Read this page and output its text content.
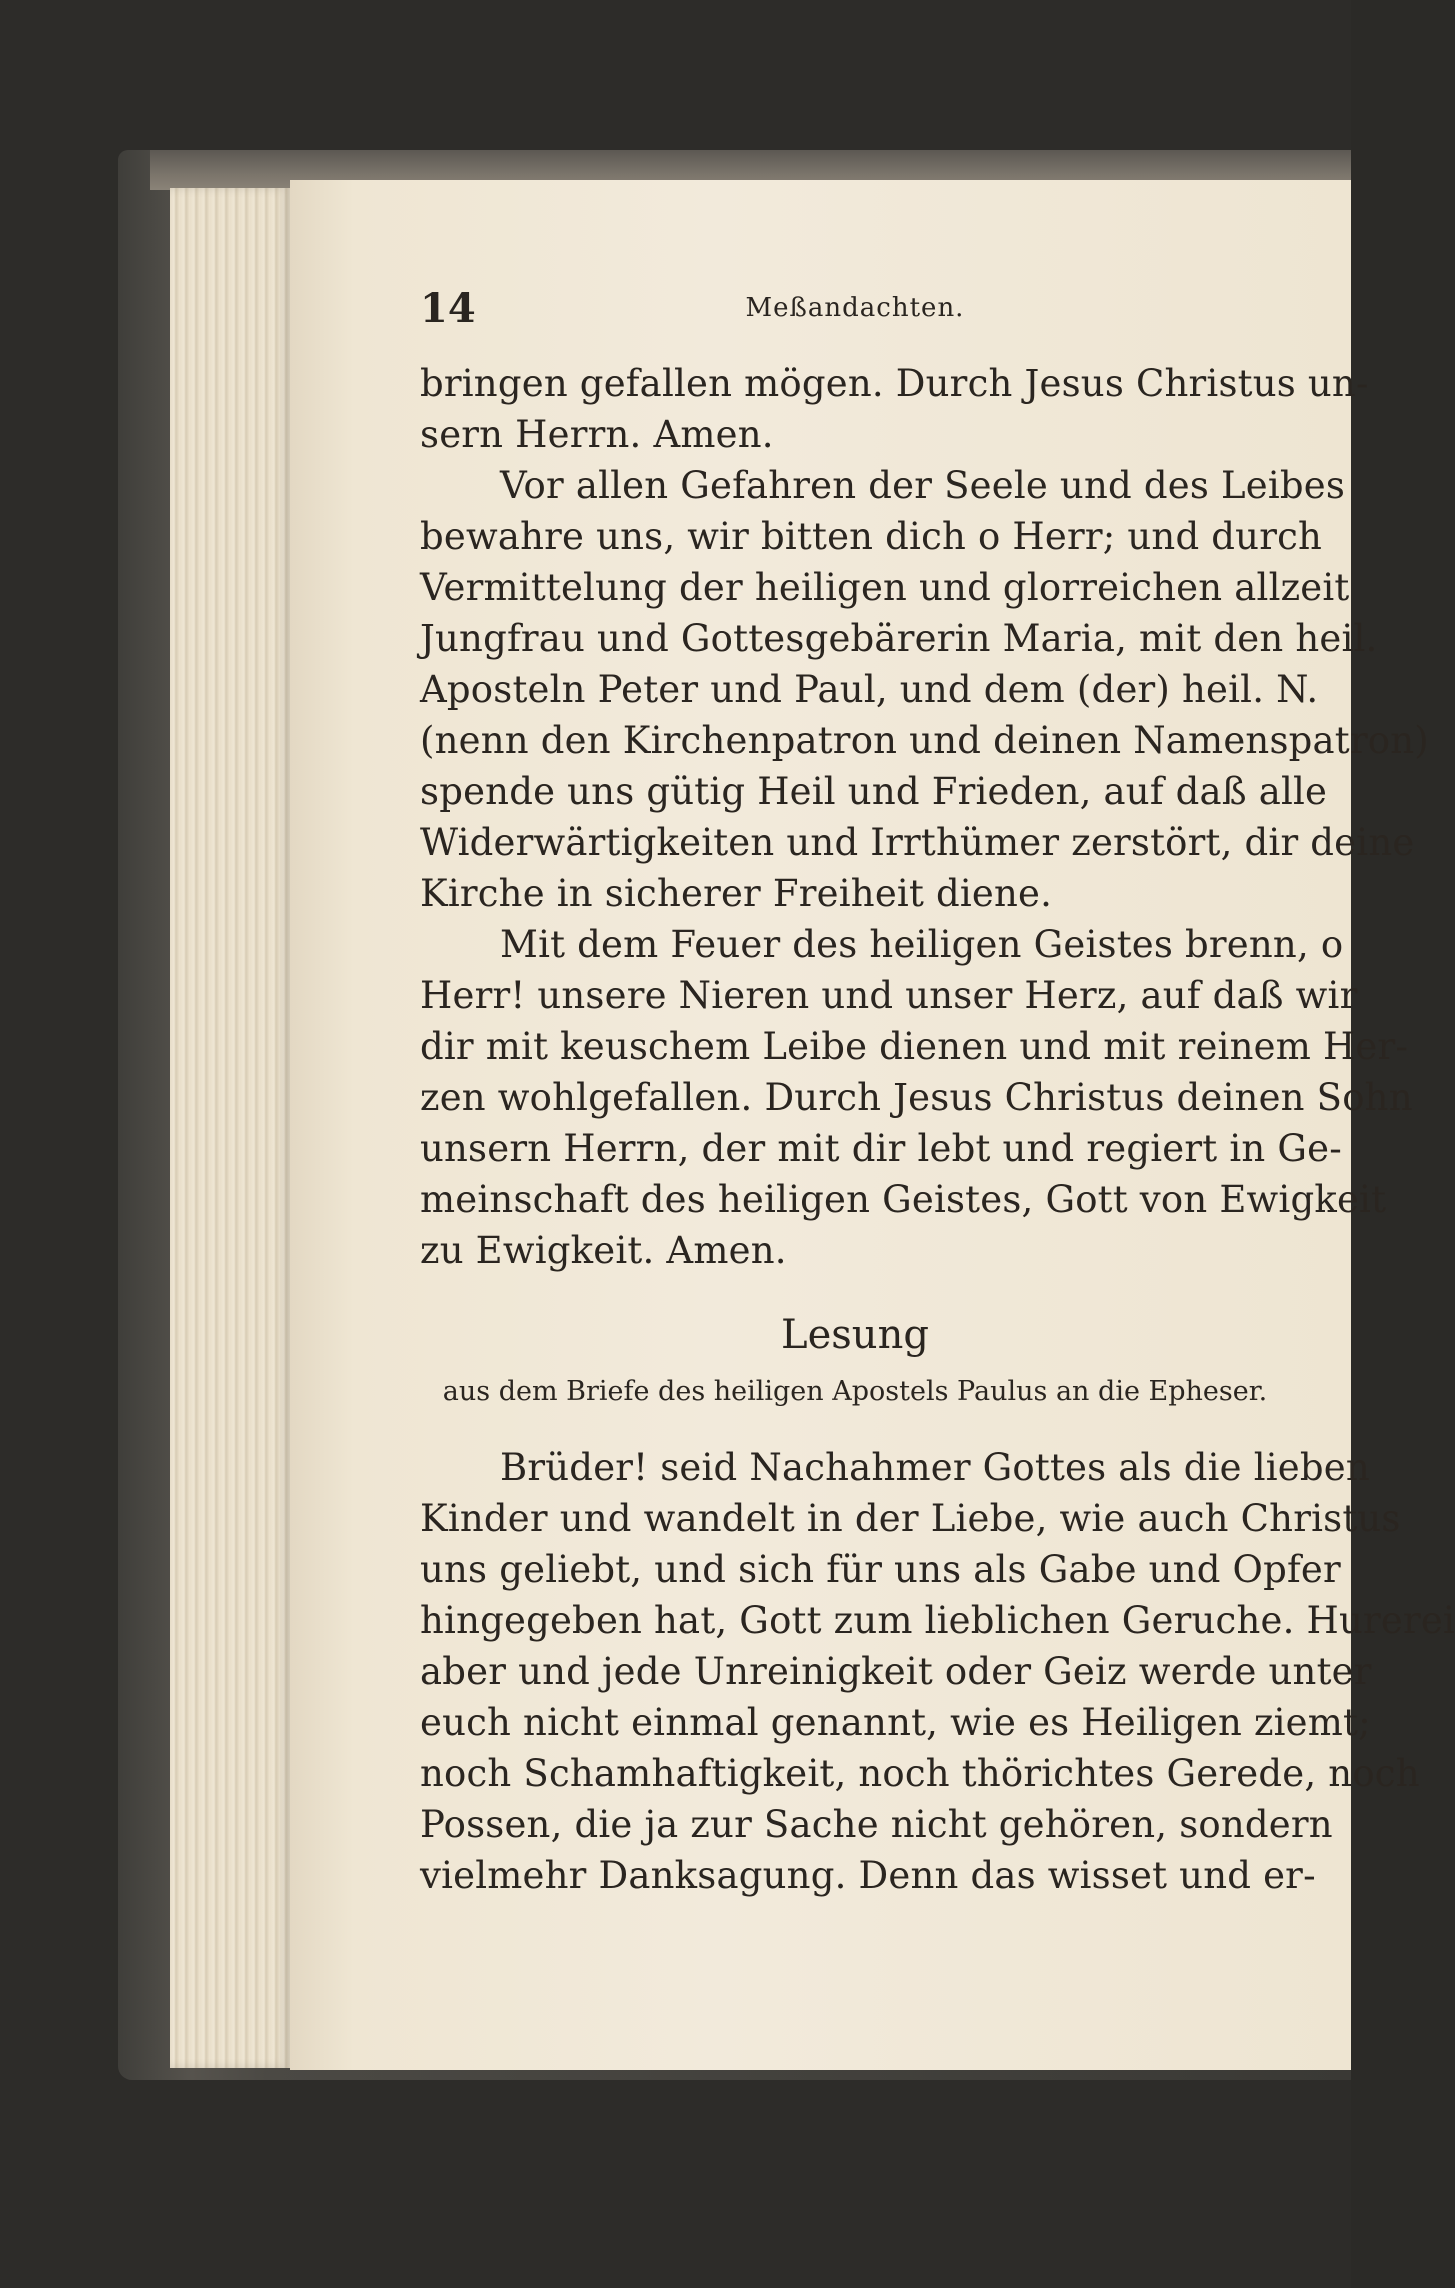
14	Meßandachten.
bringen gefallen mögen. Durch Jesus Christus un-
sern Herrn. Amen.
Vor allen Gefahren der Seele und des Leibes
bewahre uns, wir bitten dich o Herr; und durch
Vermittelung der heiligen und glorreichen allzeit
Jungfrau und Gottesgebärerin Maria, mit den heil.
Aposteln Peter und Paul, und dem (der) heil. N.
(nenn den Kirchenpatron und deinen Namenspatron)
spende uns gütig Heil und Frieden, auf daß alle
Widerwärtigkeiten und Irrthümer zerstört, dir deine
Kirche in sicherer Freiheit diene.
Mit dem Feuer des heiligen Geistes brenn, o
Herr! unsere Nieren und unser Herz, auf daß wir
dir mit keuschem Leibe dienen und mit reinem Her-
zen wohlgefallen. Durch Jesus Christus deinen Sohn
unsern Herrn, der mit dir lebt und regiert in Ge-
meinschaft des heiligen Geistes, Gott von Ewigkeit
zu Ewigkeit. Amen.
Lesung
aus dem Briefe des heiligen Apostels Paulus an die Epheser.
Brüder! seid Nachahmer Gottes als die lieben
Kinder und wandelt in der Liebe, wie auch Christus
uns geliebt, und sich für uns als Gabe und Opfer
hingegeben hat, Gott zum lieblichen Geruche. Hurerei
aber und jede Unreinigkeit oder Geiz werde unter
euch nicht einmal genannt, wie es Heiligen ziemt;
noch Schamhaftigkeit, noch thörichtes Gerede, noch
Possen, die ja zur Sache nicht gehören, sondern
vielmehr Danksagung. Denn das wisset und er-
